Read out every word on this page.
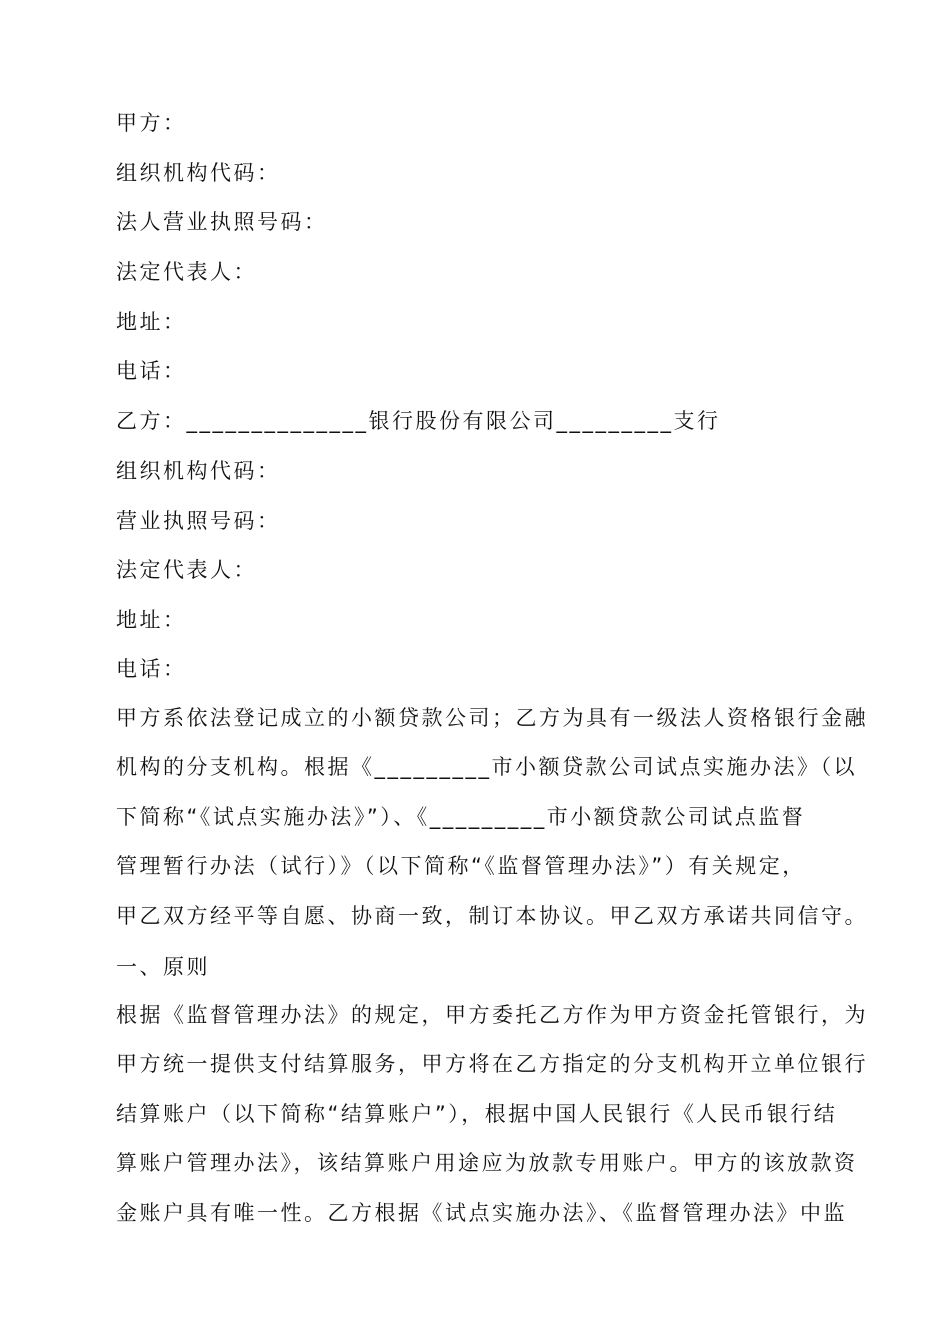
甲方：
组织机构代码：
法人营业执照号码：
法定代表人：
地址：
电话：
乙方：______________银行股份有限公司_________支行
组织机构代码：
营业执照号码：
法定代表人：
地址：
电话：
甲方系依法登记成立的小额贷款公司；乙方为具有一级法人资格银行金融
机构的分支机构。根据《_________市小额贷款公司试点实施办法》（以
下简称“《试点实施办法》”）、《_________市小额贷款公司试点监督
管理暂行办法（试行）》（以下简称“《监督管理办法》”）有关规定，
甲乙双方经平等自愿、协商一致，制订本协议。甲乙双方承诺共同信守。
一、原则
根据《监督管理办法》的规定，甲方委托乙方作为甲方资金托管银行，为
甲方统一提供支付结算服务，甲方将在乙方指定的分支机构开立单位银行
结算账户（以下简称“结算账户”），根据中国人民银行《人民币银行结
算账户管理办法》，该结算账户用途应为放款专用账户。甲方的该放款资
金账户具有唯一性。乙方根据《试点实施办法》、《监督管理办法》中监
